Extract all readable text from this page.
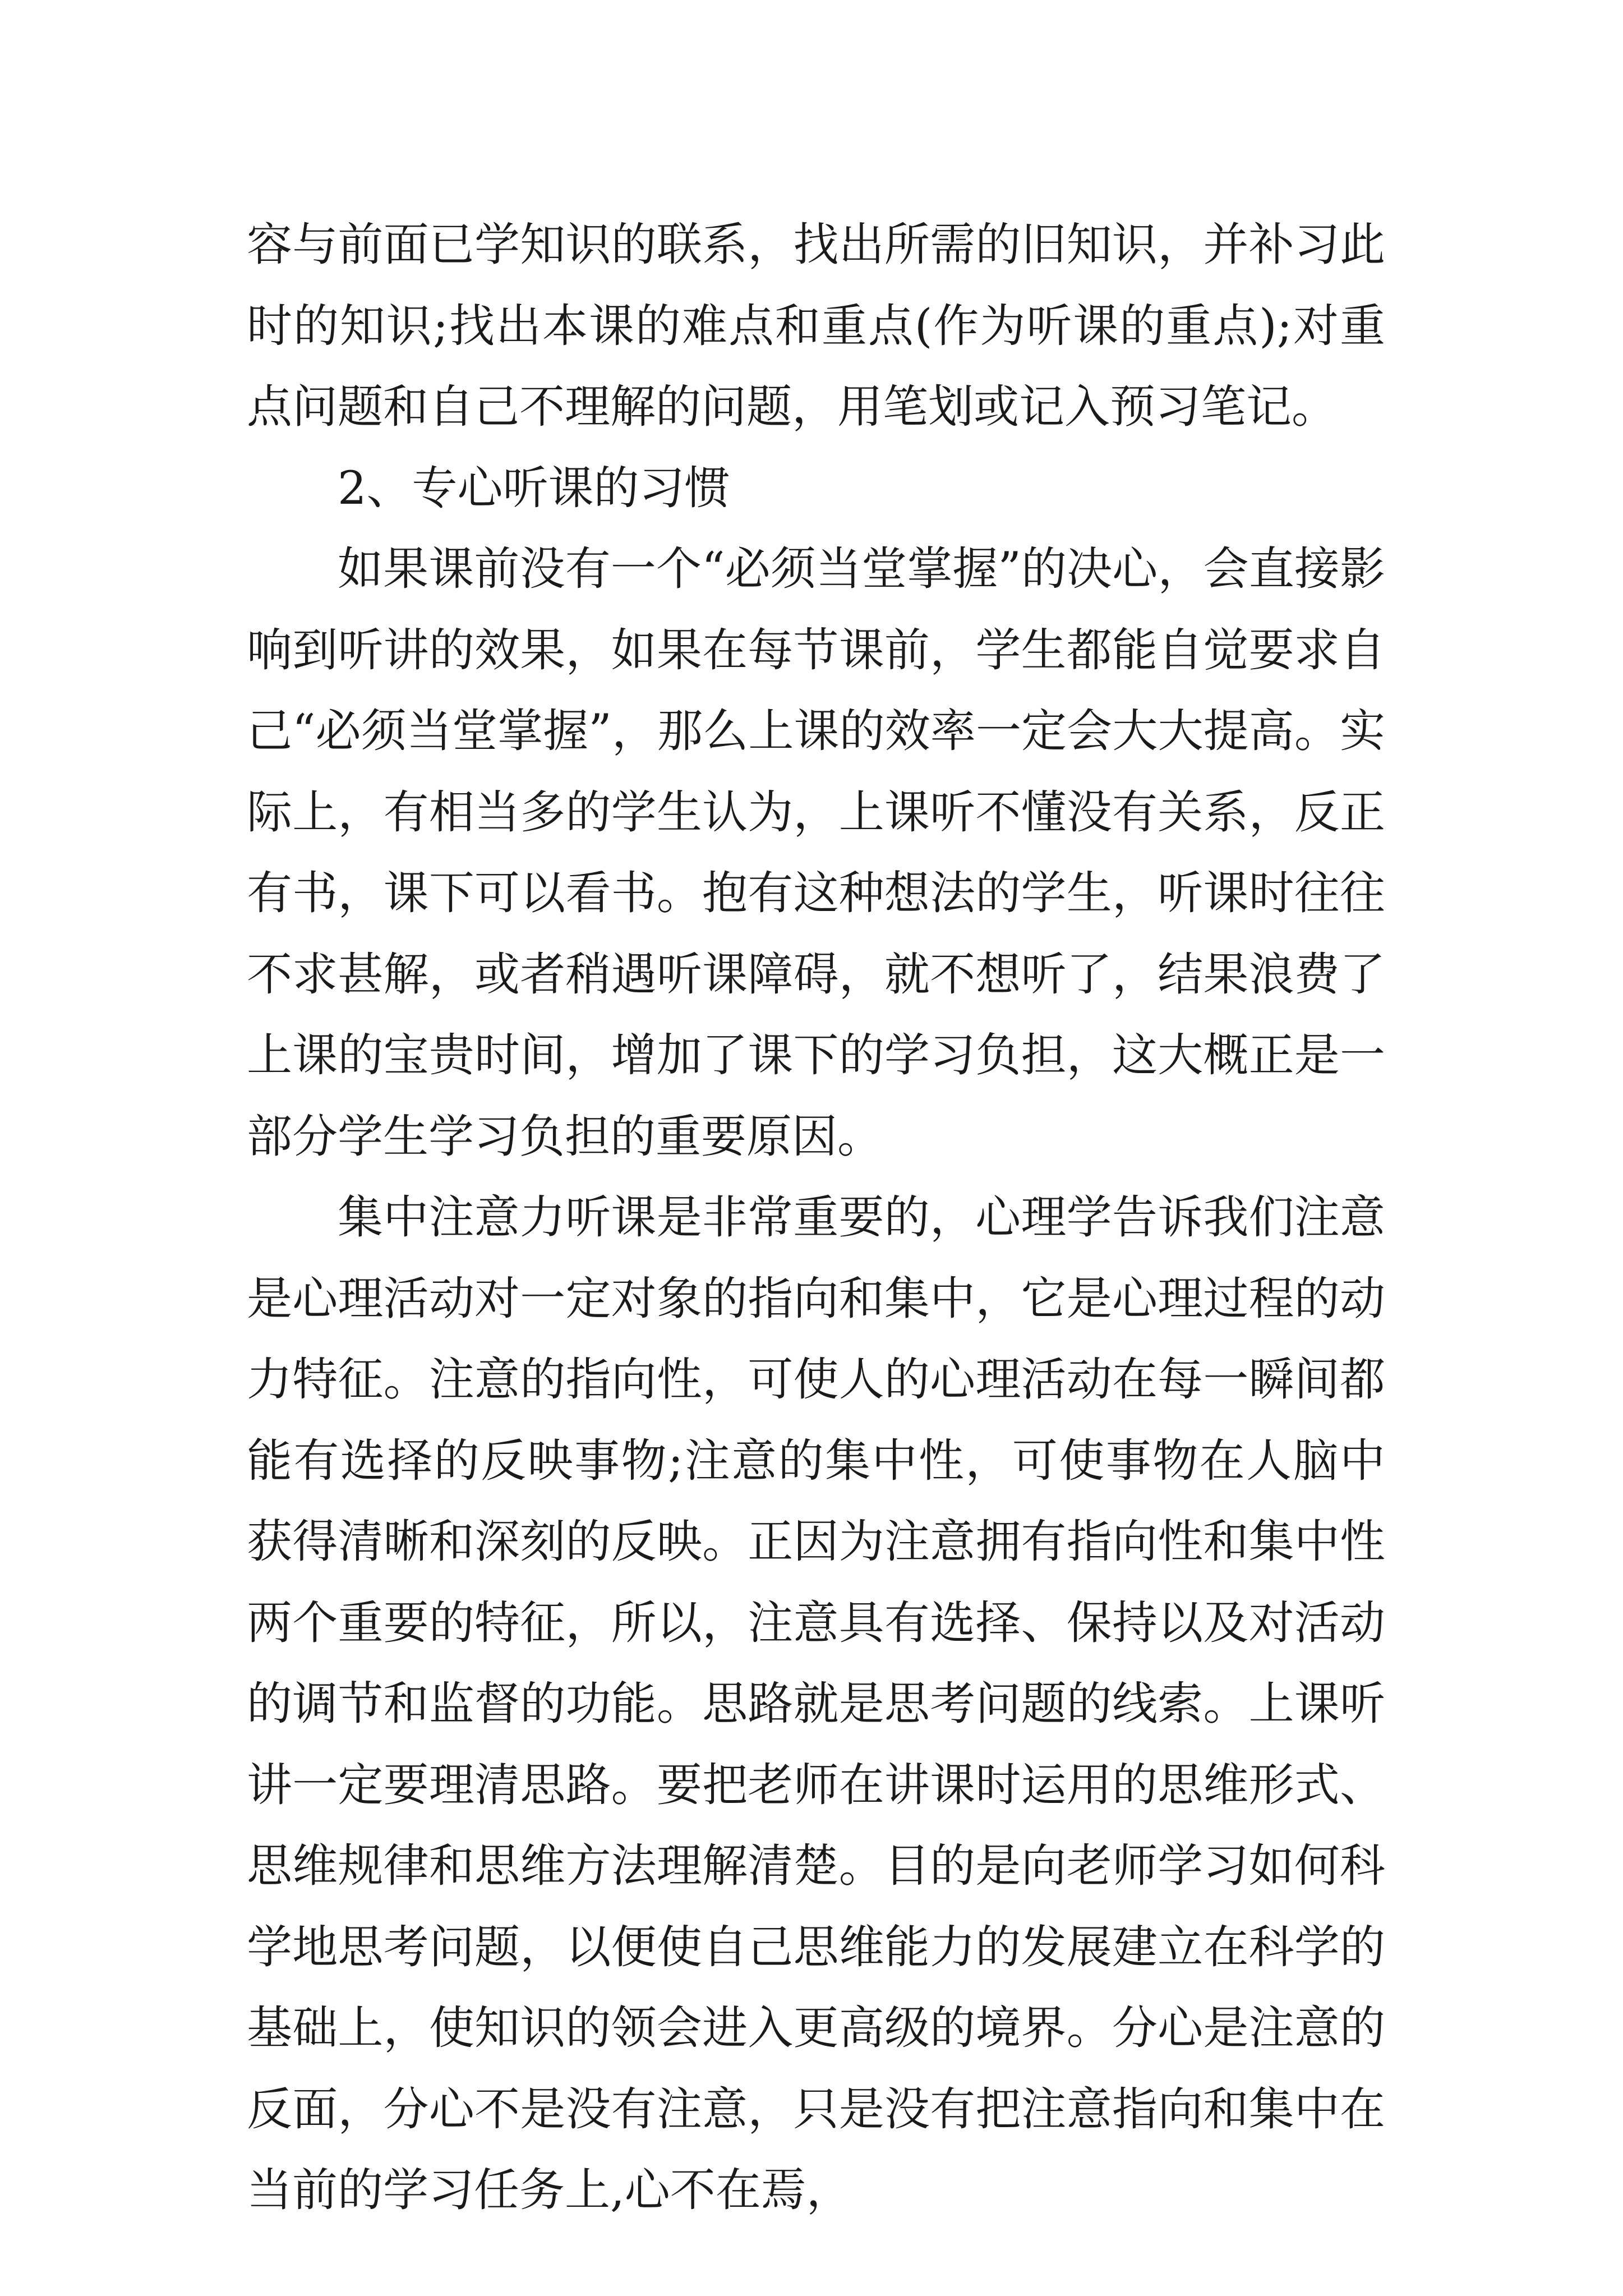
容与前面已学知识的联系，找出所需的旧知识，并补习此时的知识;找出本课的难点和重点(作为听课的重点);对重点问题和自己不理解的问题，用笔划或记入预习笔记。

2、专心听课的习惯

如果课前没有一个“必须当堂掌握”的决心，会直接影响到听讲的效果，如果在每节课前，学生都能自觉要求自己“必须当堂掌握”，那么上课的效率一定会大大提高。实际上，有相当多的学生认为，上课听不懂没有关系，反正有书，课下可以看书。抱有这种想法的学生，听课时往往不求甚解，或者稍遇听课障碍，就不想听了，结果浪费了上课的宝贵时间，增加了课下的学习负担，这大概正是一部分学生学习负担的重要原因。

集中注意力听课是非常重要的，心理学告诉我们注意是心理活动对一定对象的指向和集中，它是心理过程的动力特征。注意的指向性，可使人的心理活动在每一瞬间都能有选择的反映事物;注意的集中性，可使事物在人脑中获得清晰和深刻的反映。正因为注意拥有指向性和集中性两个重要的特征，所以，注意具有选择、保持以及对活动的调节和监督的功能。思路就是思考问题的线索。上课听讲一定要理清思路。要把老师在讲课时运用的思维形式、思维规律和思维方法理解清楚。目的是向老师学习如何科学地思考问题，以便使自己思维能力的发展建立在科学的基础上，使知识的领会进入更高级的境界。分心是注意的反面，分心不是没有注意，只是没有把注意指向和集中在当前的学习任务上,心不在焉，
